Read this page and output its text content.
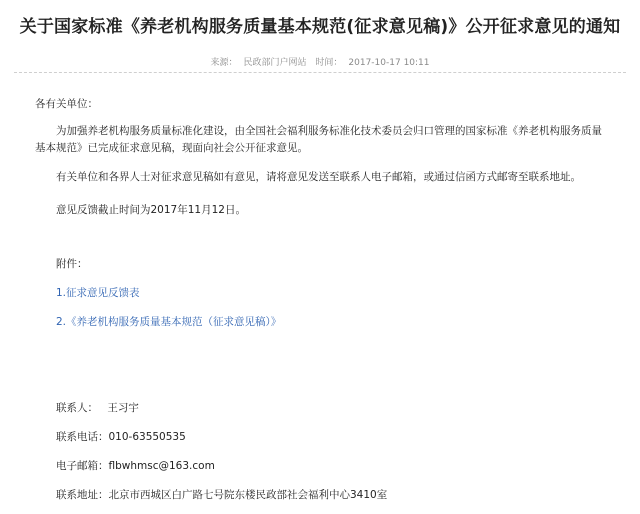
关于国家标准《养老机构服务质量基本规范(征求意见稿)》公开征求意见的通知
来源： 民政部门户网站 时间： 2017-10-17 10:11
各有关单位：
为加强养老机构服务质量标准化建设，由全国社会福利服务标准化技术委员会归口管理的国家标准《养老机构服务质量基本规范》已完成征求意见稿，现面向社会公开征求意见。
有关单位和各界人士对征求意见稿如有意见，请将意见发送至联系人电子邮箱，或通过信函方式邮寄至联系地址。
意见反馈截止时间为2017年11月12日。
附件：
1.征求意见反馈表
2.《养老机构服务质量基本规范（征求意见稿）》
联系人： 王习宇
联系电话：010-63550535
电子邮箱：flbwhmsc@163.com
联系地址：北京市西城区白广路七号院东楼民政部社会福利中心3410室
